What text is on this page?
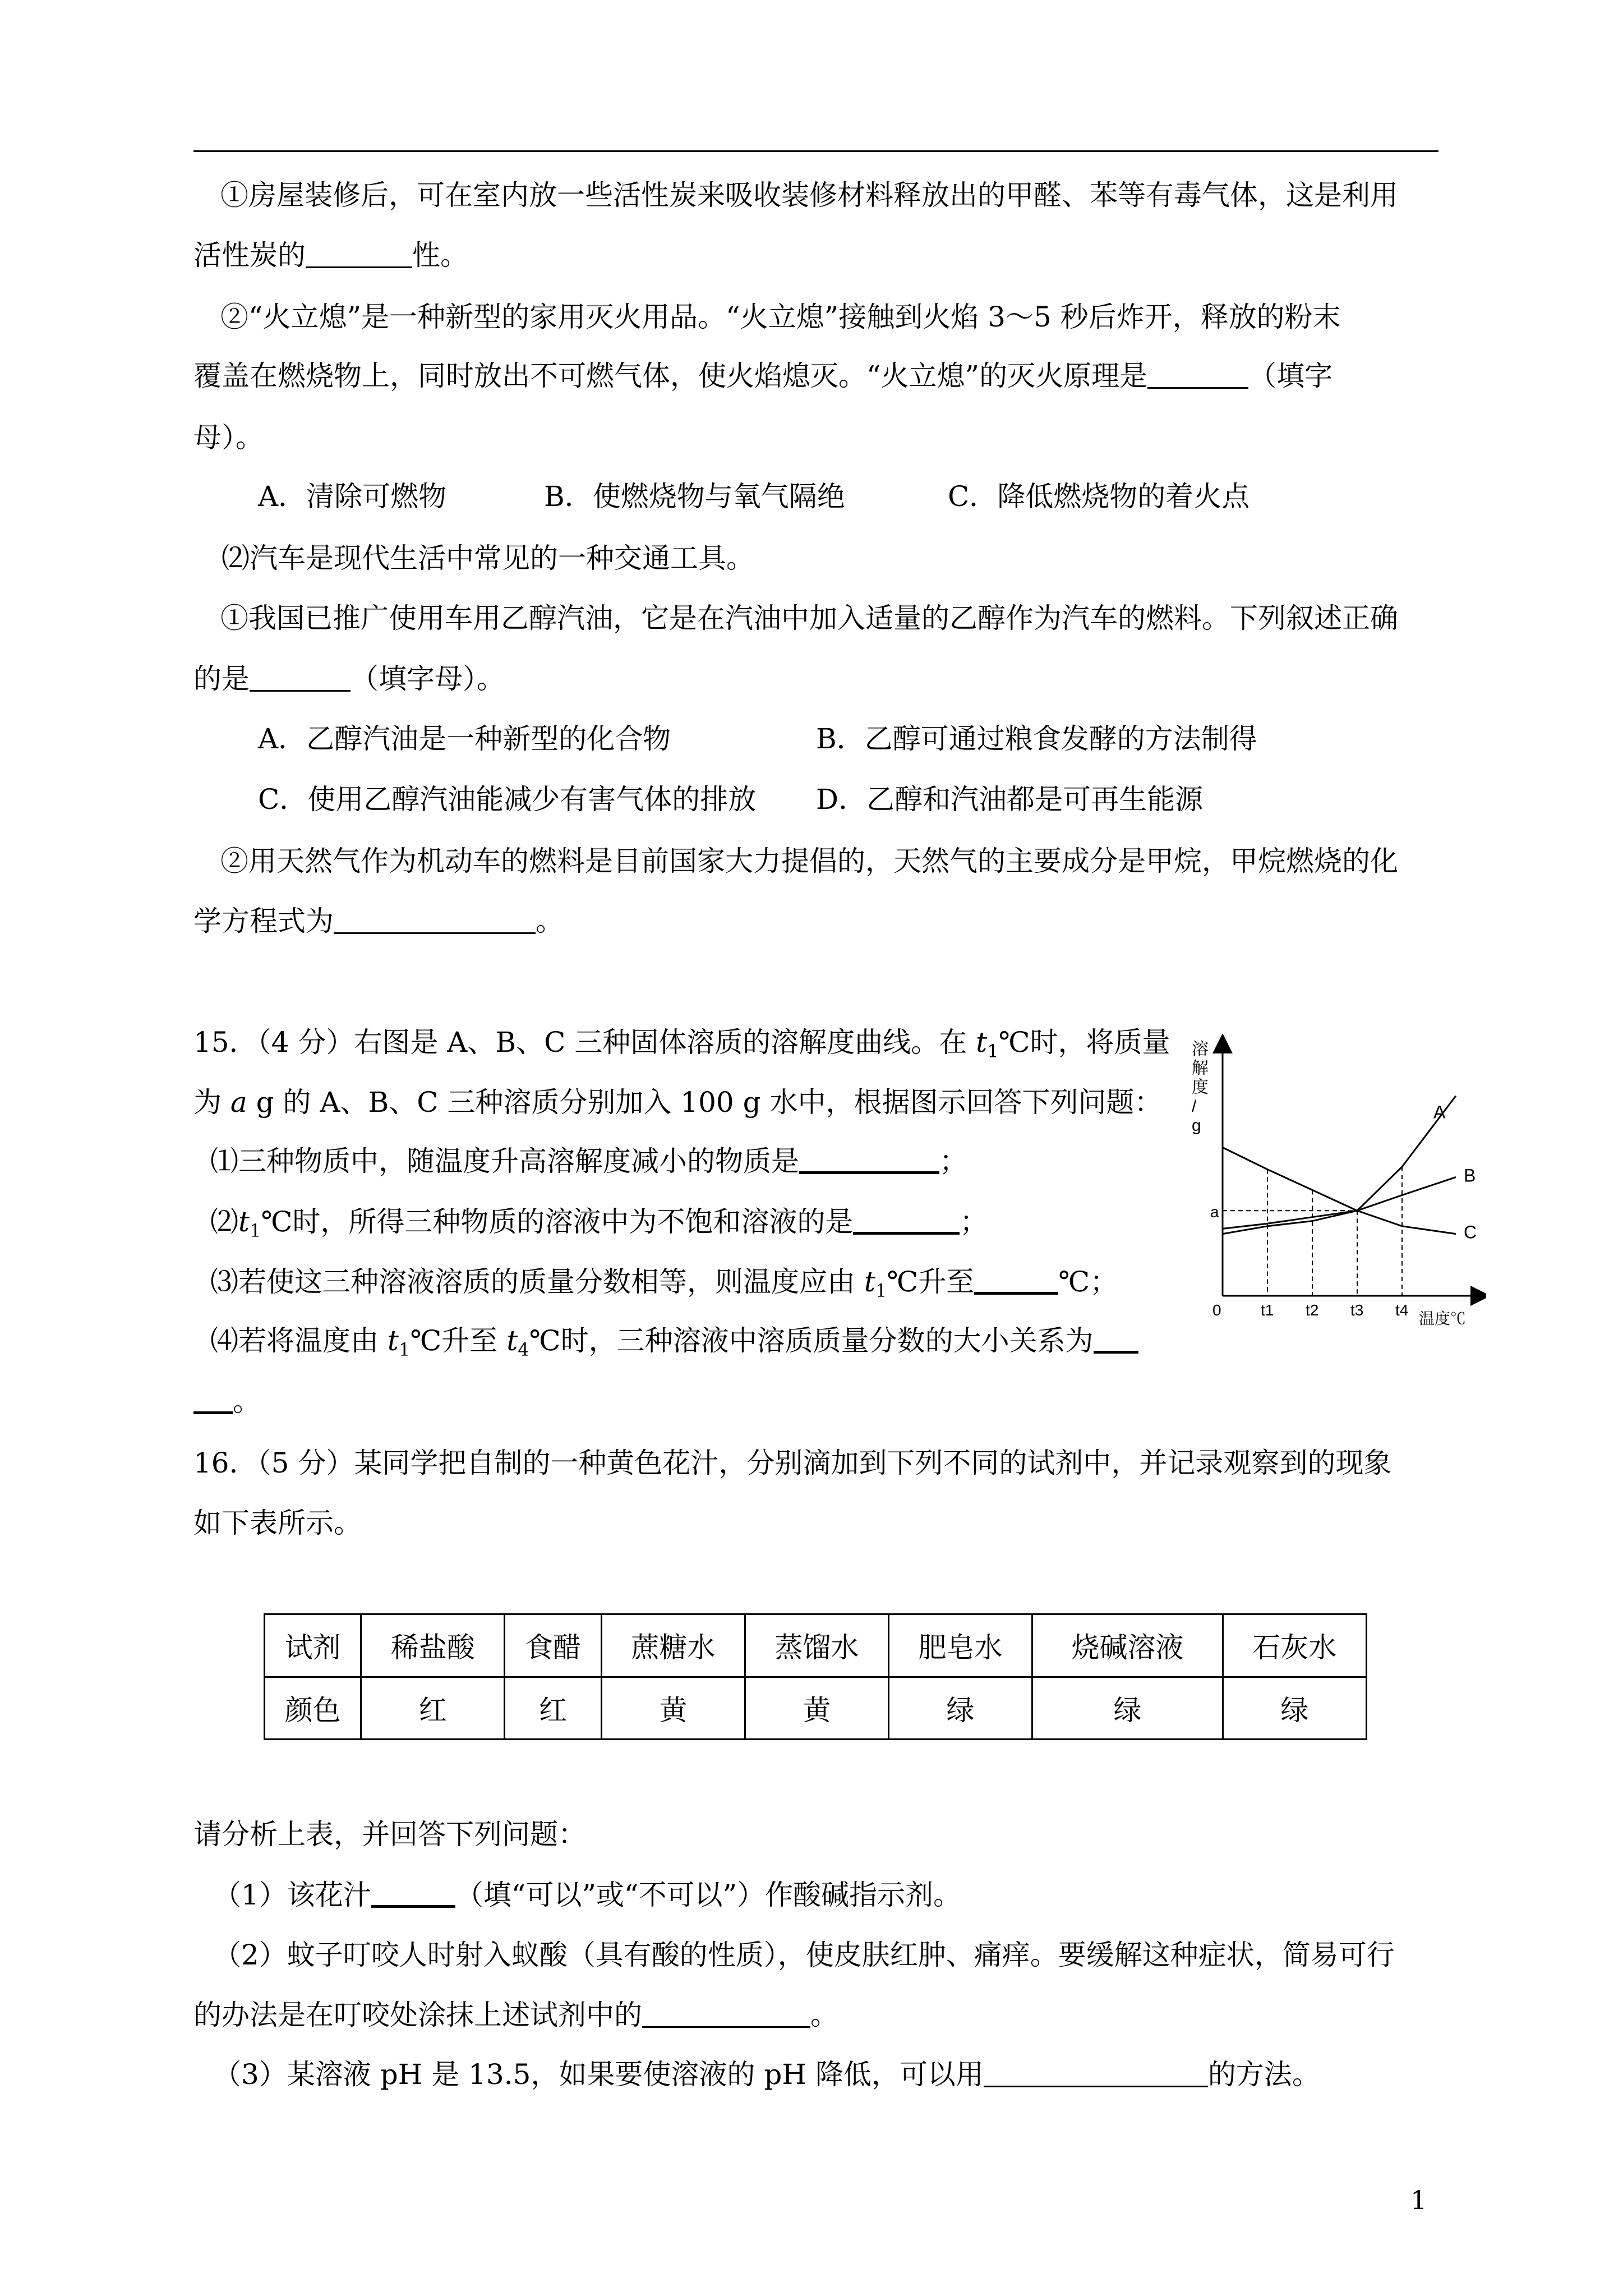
①房屋装修后，可在室内放一些活性炭来吸收装修材料释放出的甲醛、苯等有毒气体，这是利用
活性炭的	性。
②“火立熄”是一种新型的家用灭火用品。“火立熄”接触到火焰 3～5 秒后炸开，释放的粉末
覆盖在燃烧物上，同时放出不可燃气体，使火焰熄灭。“火立熄”的灭火原理是	（填字
母）。
A．清除可燃物	B．使燃烧物与氧气隔绝	C．降低燃烧物的着火点
⑵汽车是现代生活中常见的一种交通工具。
①我国已推广使用车用乙醇汽油，它是在汽油中加入适量的乙醇作为汽车的燃料。下列叙述正确
的是	（填字母）。
A．乙醇汽油是一种新型的化合物	B．乙醇可通过粮食发酵的方法制得
C．使用乙醇汽油能减少有害气体的排放 D．乙醇和汽油都是可再生能源
②用天然气作为机动车的燃料是目前国家大力提倡的，天然气的主要成分是甲烷，甲烷燃烧的化
学方程式为	。
15．（4 分）右图是 A、B、C 三种固体溶质的溶解度曲线。在 $t_1℃$时，将质量
为 a g 的 A、B、C 三种溶质分别加入 100 g 水中，根据图示回答下列问题：
⑴三种物质中，随温度升高溶解度减小的物质是	；
$⑵t_1℃$时，所得三种物质的溶液中为不饱和溶液的是	；
⑶若使这三种溶液溶质的质量分数相等，则温度应由 $t_1℃$升至	℃；
⑷若将温度由 $t_1℃$升至 $t_4℃$时，三种溶液中溶质质量分数的大小关系为
。
溶解度/ g
温度℃
0
a
t1 t2 t3 t4
A
B
C
16．（5 分）某同学把自制的一种黄色花汁，分别滴加到下列不同的试剂中，并记录观察到的现象
如下表所示。
试剂	稀盐酸	食醋	蔗糖水	蒸馏水	肥皂水	烧碱溶液	石灰水
颜色	红	红	黄	黄	绿	绿	绿
请分析上表，并回答下列问题：
（1）该花汁	（填“可以”或“不可以”）作酸碱指示剂。
（2）蚊子叮咬人时射入蚁酸（具有酸的性质），使皮肤红肿、痛痒。要缓解这种症状，简易可行
的办法是在叮咬处涂抹上述试剂中的	。
（3）某溶液 pH 是 13.5，如果要使溶液的 pH 降低，可以用	的方法。
1
